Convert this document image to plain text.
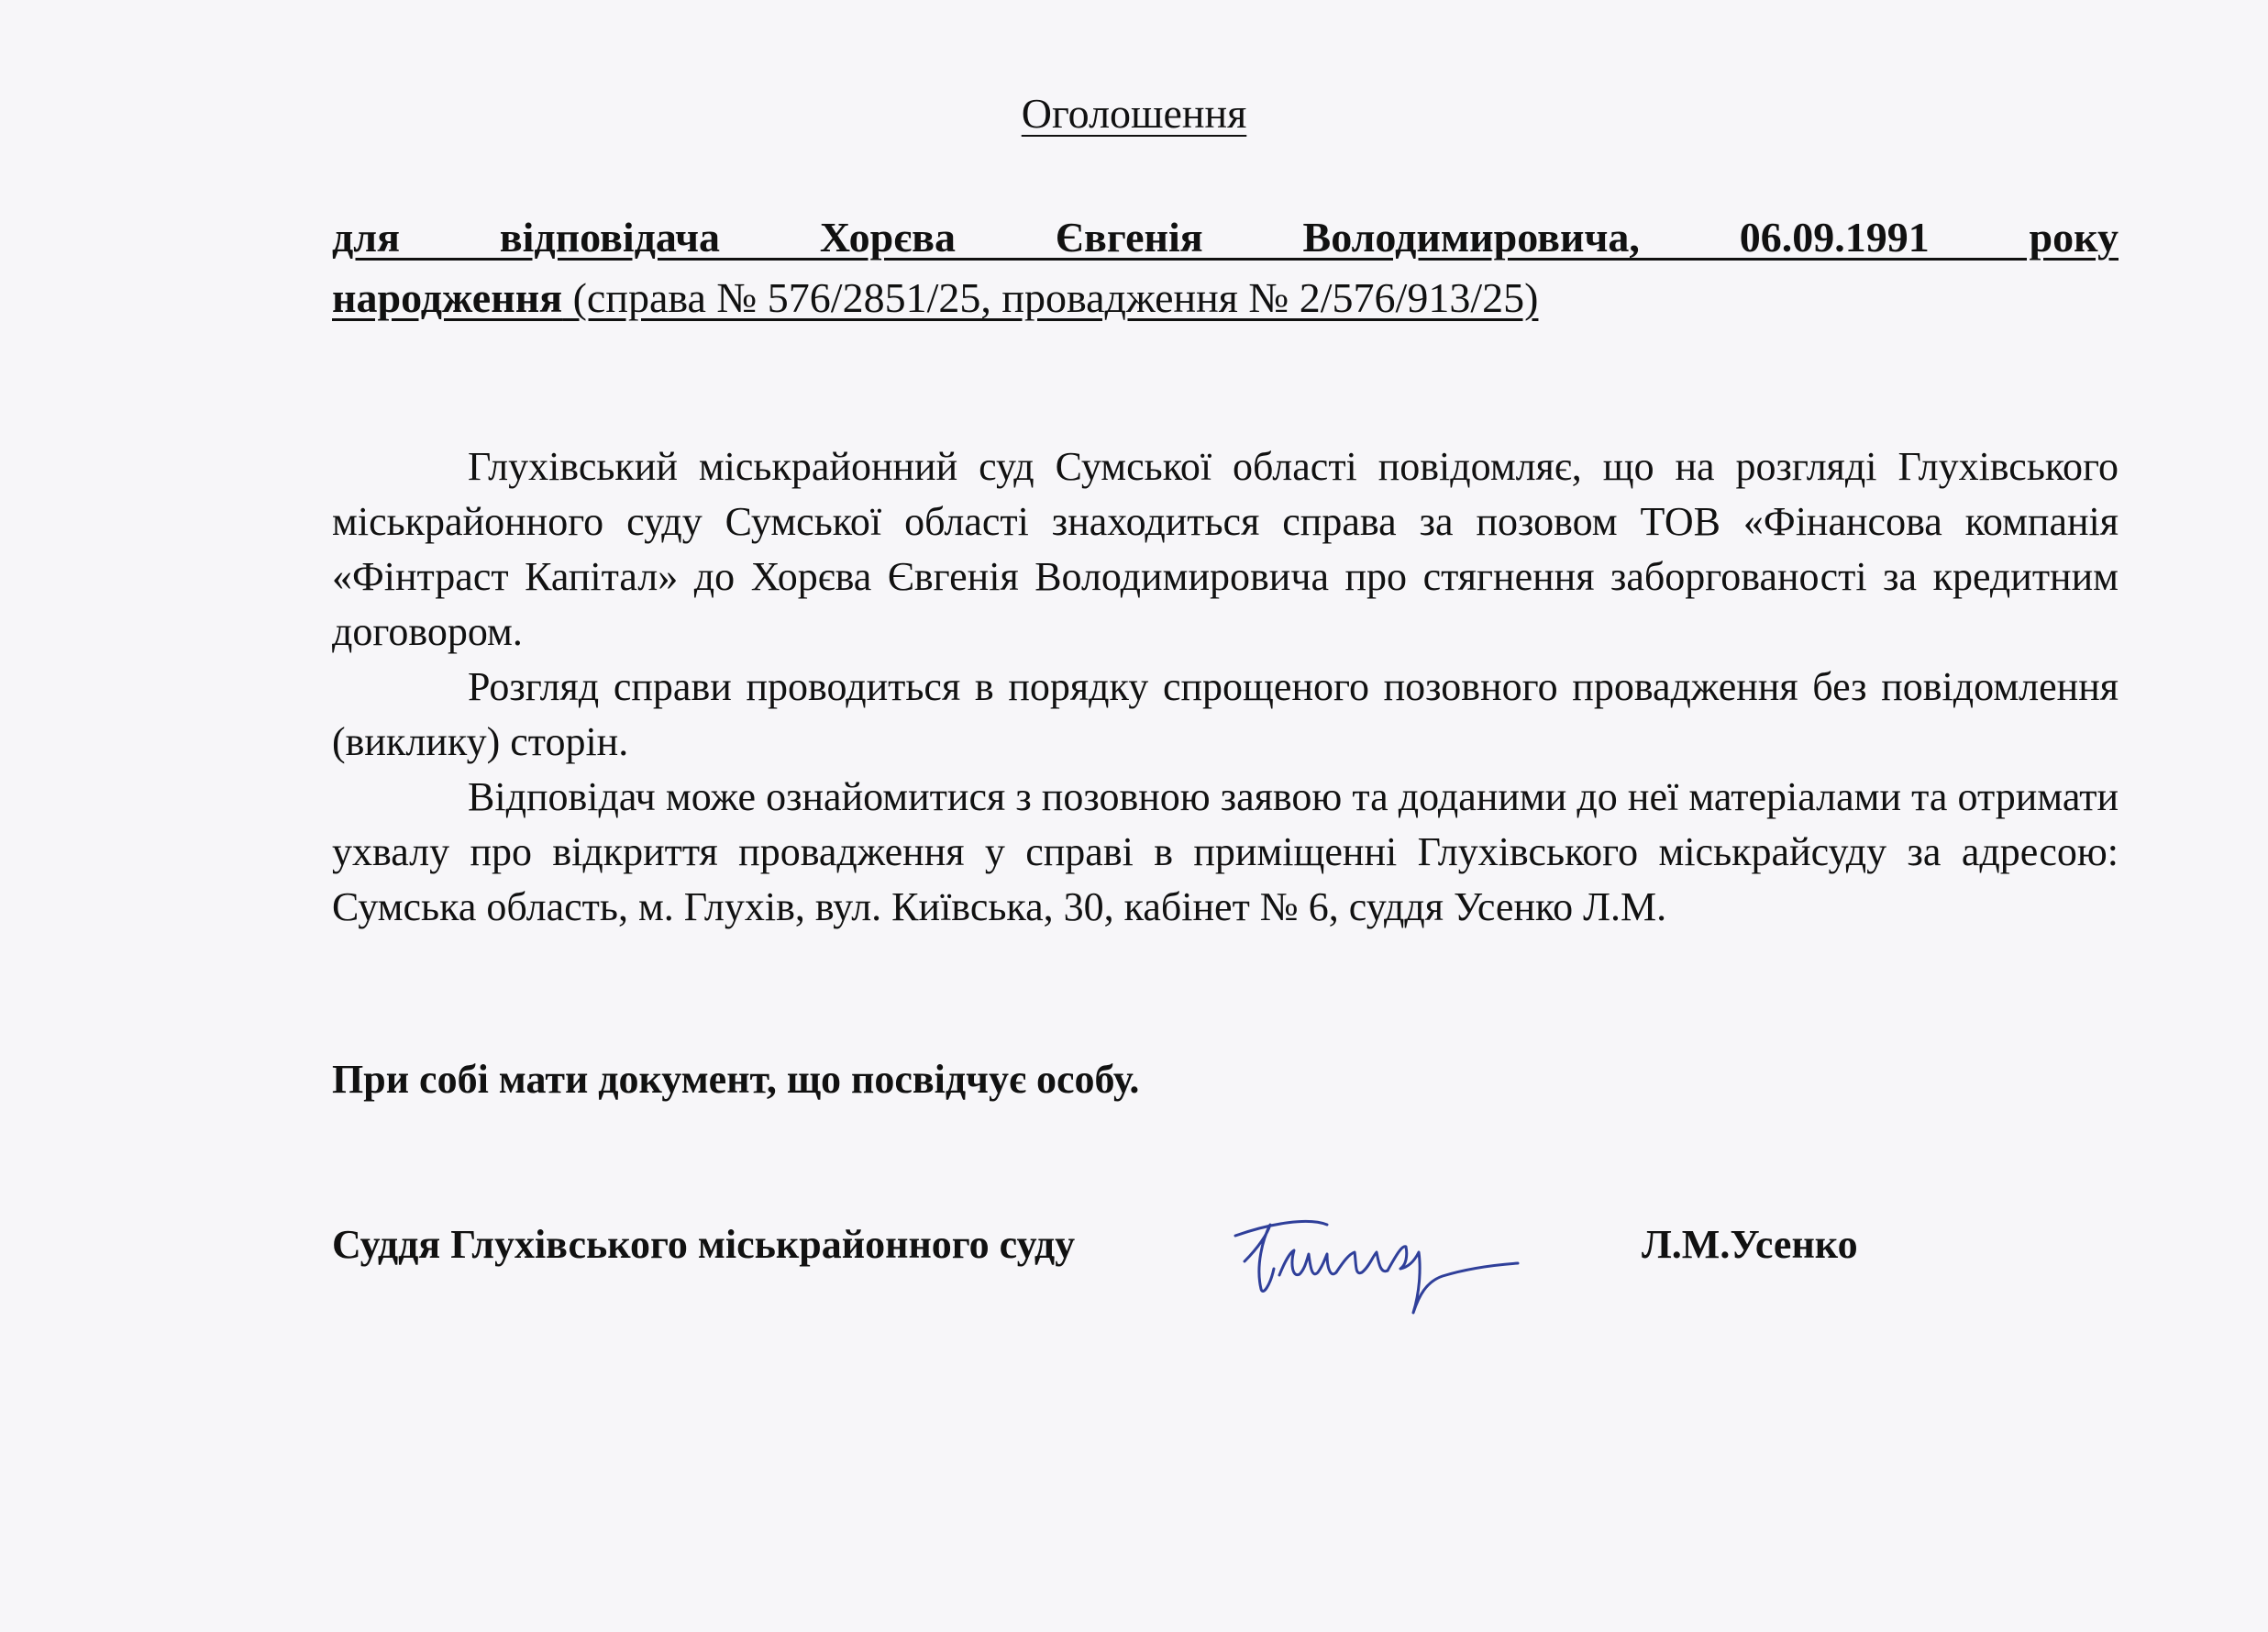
Оголошення
для відповідача Хорєва Євгенія Володимировича, 06.09.1991 року
народження (справа № 576/2851/25, провадження № 2/576/913/25)

Глухівський міськрайонний суд Сумської області повідомляє, що на розгляді Глухівського міськрайонного суду Сумської області знаходиться справа за позовом ТОВ «Фінансова компанія «Фінтраст Капітал» до Хорєва Євгенія Володимировича про стягнення заборгованості за кредитним договором.

Розгляд справи проводиться в порядку спрощеного позовного провадження без повідомлення (виклику) сторін.

Відповідач може ознайомитися з позовною заявою та доданими до неї матеріалами та отримати ухвалу про відкриття провадження у справі в приміщенні Глухівського міськрайсуду за адресою: Сумська область, м. Глухів, вул. Київська, 30, кабінет № 6, суддя Усенко Л.М.

При собі мати документ, що посвідчує особу.

Суддя Глухівського міськрайонного суду	Л.М.Усенко
